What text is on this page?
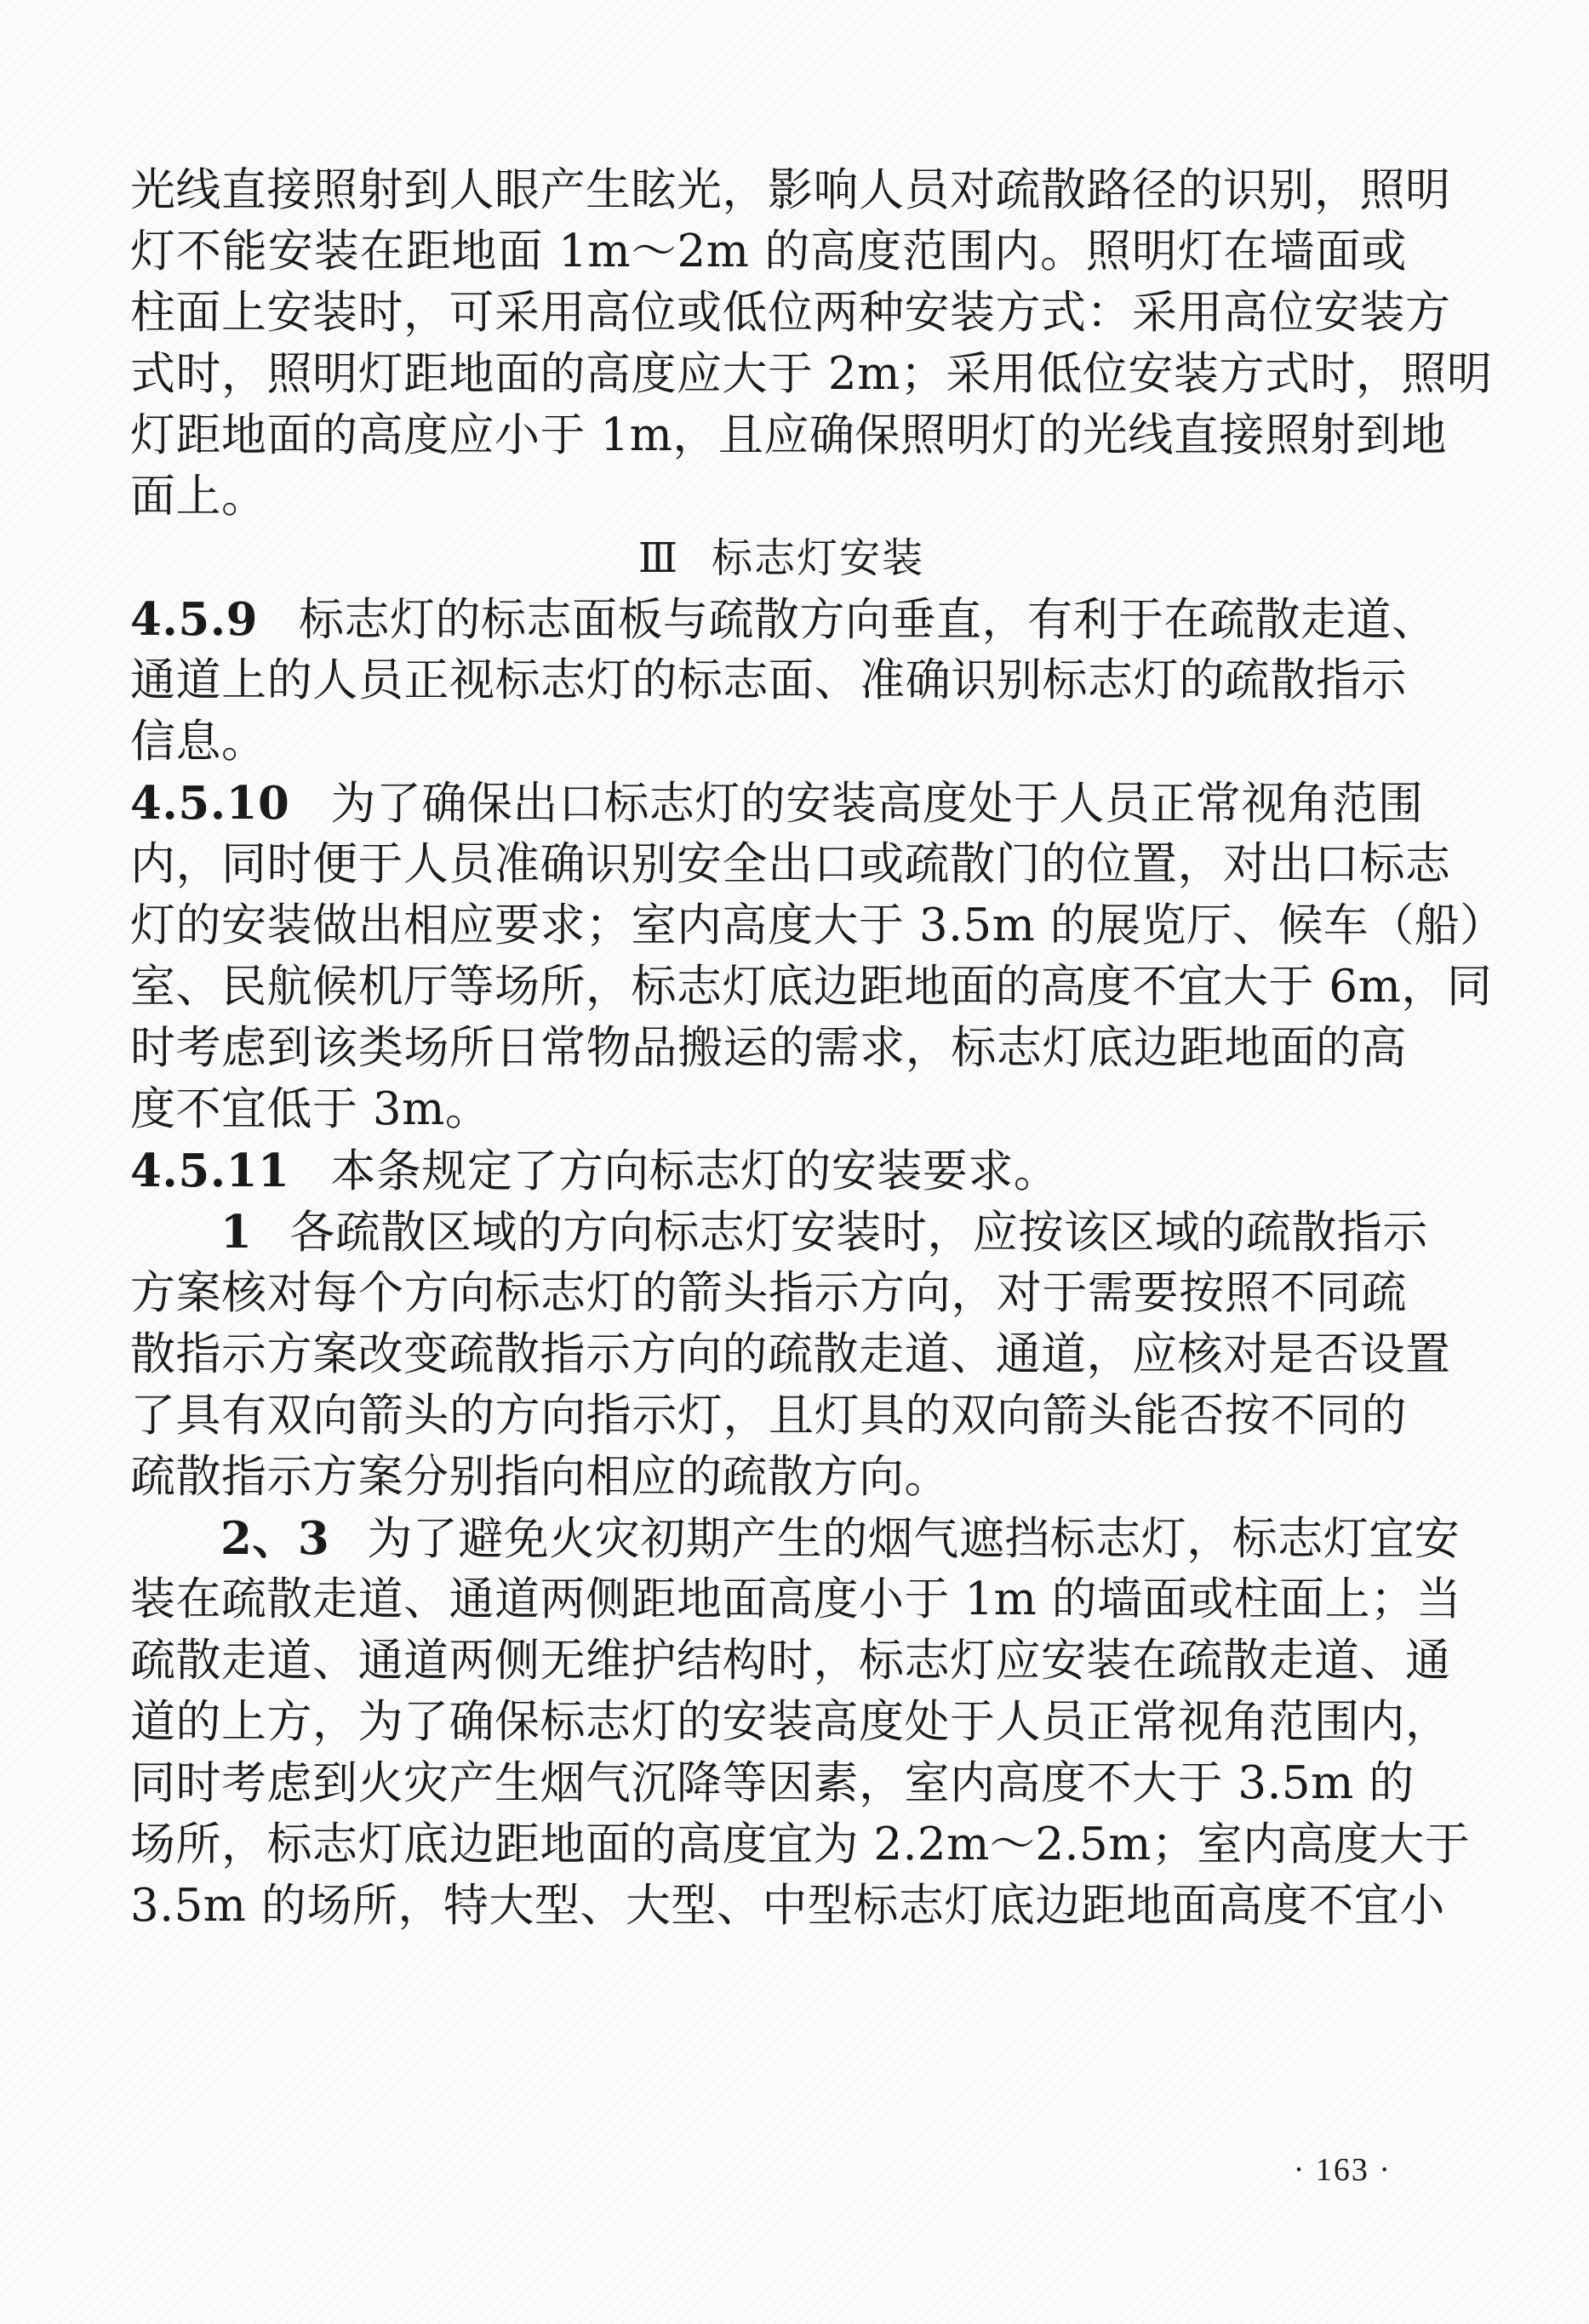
光线直接照射到人眼产生眩光，影响人员对疏散路径的识别，照明
灯不能安装在距地面 1m～2m 的高度范围内。照明灯在墙面或
柱面上安装时，可采用高位或低位两种安装方式：采用高位安装方
式时，照明灯距地面的高度应大于 2m；采用低位安装方式时，照明
灯距地面的高度应小于 1m，且应确保照明灯的光线直接照射到地
面上。
Ⅲ 标志灯安装
4.5.9 标志灯的标志面板与疏散方向垂直，有利于在疏散走道、
通道上的人员正视标志灯的标志面、准确识别标志灯的疏散指示
信息。
4.5.10 为了确保出口标志灯的安装高度处于人员正常视角范围
内，同时便于人员准确识别安全出口或疏散门的位置，对出口标志
灯的安装做出相应要求；室内高度大于 3.5m 的展览厅、候车（船）
室、民航候机厅等场所，标志灯底边距地面的高度不宜大于 6m，同
时考虑到该类场所日常物品搬运的需求，标志灯底边距地面的高
度不宜低于 3m。
4.5.11 本条规定了方向标志灯的安装要求。
1 各疏散区域的方向标志灯安装时，应按该区域的疏散指示
方案核对每个方向标志灯的箭头指示方向，对于需要按照不同疏
散指示方案改变疏散指示方向的疏散走道、通道，应核对是否设置
了具有双向箭头的方向指示灯，且灯具的双向箭头能否按不同的
疏散指示方案分别指向相应的疏散方向。
2、3 为了避免火灾初期产生的烟气遮挡标志灯，标志灯宜安
装在疏散走道、通道两侧距地面高度小于 1m 的墙面或柱面上；当
疏散走道、通道两侧无维护结构时，标志灯应安装在疏散走道、通
道的上方，为了确保标志灯的安装高度处于人员正常视角范围内，
同时考虑到火灾产生烟气沉降等因素，室内高度不大于 3.5m 的
场所，标志灯底边距地面的高度宜为 2.2m～2.5m；室内高度大于
3.5m 的场所，特大型、大型、中型标志灯底边距地面高度不宜小
· 163 ·
